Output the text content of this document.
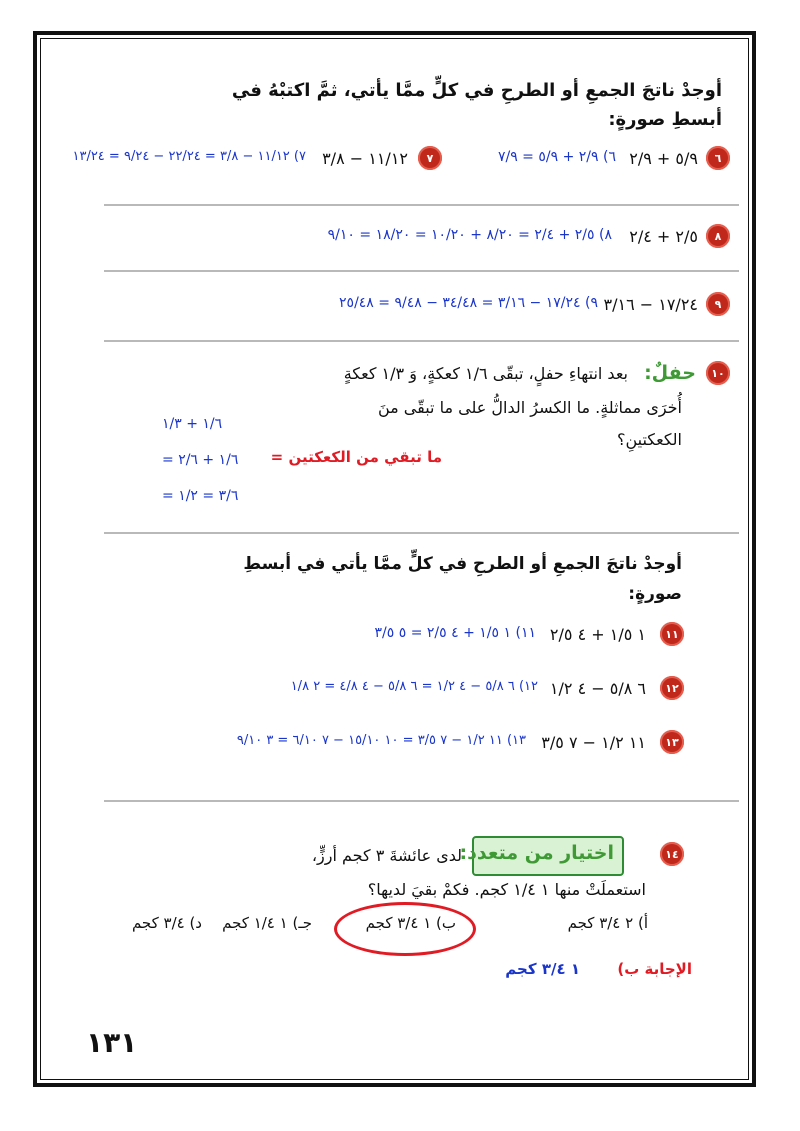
أوجدْ ناتجَ الجمعِ أو الطرحِ في كلٍّ ممَّا يأتي، ثمَّ اكتبْهُ في
أبسطِ صورةٍ:
٦
٥/٩ + ٢/٩
٦) ٢/٩ + ٥/٩ = ٧/٩
٧
١١/١٢ − ٣/٨
٧) ١١/١٢ − ٣/٨ = ٢٢/٢٤ − ٩/٢٤ = ١٣/٢٤
٨
٢/٥ + ٢/٤
٨) ٢/٥ + ٢/٤ = ٨/٢٠ + ١٠/٢٠ = ١٨/٢٠ = ٩/١٠
٩
١٧/٢٤ − ٣/١٦
٩) ١٧/٢٤ − ٣/١٦ = ٣٤/٤٨ − ٩/٤٨ = ٢٥/٤٨
١٠
حفلٌ:
بعد انتهاءِ حفلٍ، تبقّى ١/٦ كعكةٍ، وَ ١/٣ كعكةٍ
أُخرَى مماثلةٍ. ما الكسرُ الدالُّ على ما تبقّى منَ
الكعكتينِ؟
ما تبقي من الكعكتين =
١/٦ + ١/٣
= ١/٦ + ٢/٦
= ٣/٦ = ١/٢
أوجدْ ناتجَ الجمعِ أو الطرحِ في كلٍّ ممَّا يأتي في أبسطِ
صورةٍ:
١١
١ ١/٥ + ٤ ٢/٥
١١) ١ ١/٥ + ٤ ٢/٥ = ٥ ٣/٥
١٢
٦ ٥/٨ − ٤ ١/٢
١٢) ٦ ٥/٨ − ٤ ١/٢ = ٦ ٥/٨ − ٤ ٤/٨ = ٢ ١/٨
١٣
١١ ١/٢ − ٧ ٣/٥
١٣) ١١ ١/٢ − ٧ ٣/٥ = ١٠ ١٥/١٠ − ٧ ٦/١٠ = ٣ ٩/١٠
١٤
اختيار من متعدد:
لدى عائشةَ ٣ كجم أرزٍّ،
استعملَتْ منها ١ ١/٤ كجم. فكمْ بقيَ لديها؟
أ) ٢ ٣/٤ كجم
ب) ١ ٣/٤ كجم
جـ) ١ ١/٤ كجم
د) ٣/٤ كجم
الإجابة ب)
١ ٣/٤ كجم
١٣١
